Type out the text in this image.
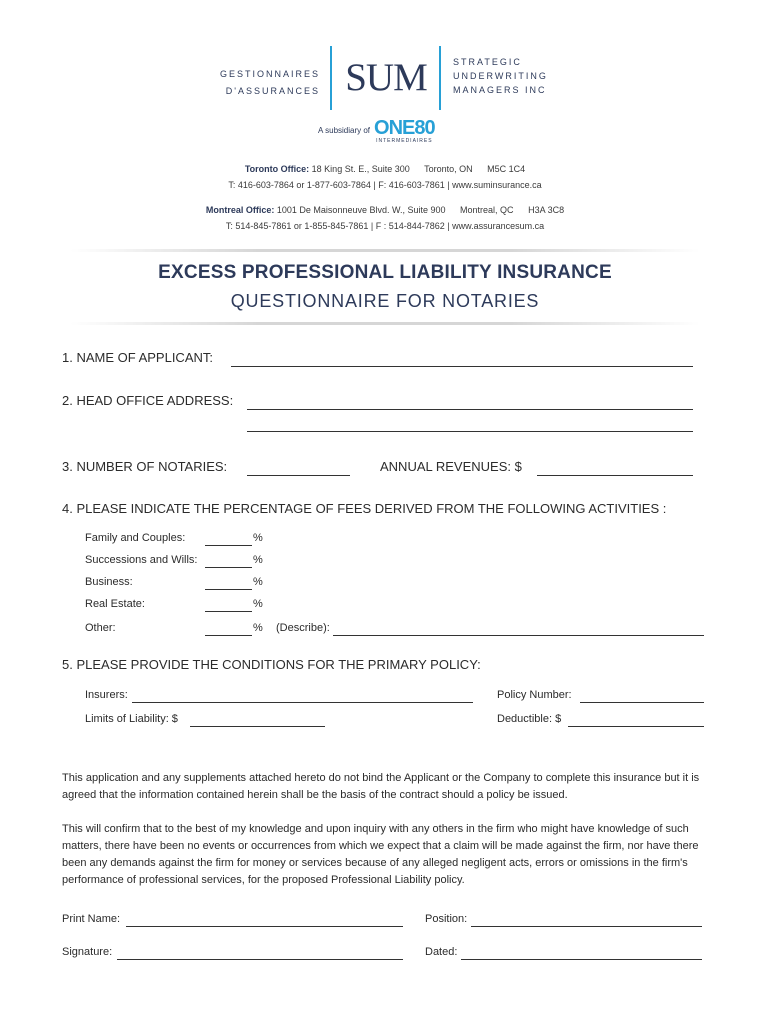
GESTIONNAIRES
D'ASSURANCES SUM	STRATEGIC
UNDERWRITING
MANAGERS INC
A subsidiary of ONE80
INTERMEDIAIRES
Toronto Office: 18 King St. E., Suite 300 Toronto, ON M5C 1C4
T: 416-603-7864 or 1-877-603-7864 | F: 416-603-7861 | www.suminsurance.ca
Montreal Office: 1001 De Maisonneuve Blvd. W., Suite 900 Montreal, QC H3A 3C8
T: 514-845-7861 or 1-855-845-7861 | F : 514-844-7862 | www.assurancesum.ca
EXCESS PROFESSIONAL LIABILITY INSURANCE
QUESTIONNAIRE FOR NOTARIES
1. NAME OF APPLICANT:
2. HEAD OFFICE ADDRESS:
3. NUMBER OF NOTARIES:	ANNUAL REVENUES: $
4. PLEASE INDICATE THE PERCENTAGE OF FEES DERIVED FROM THE FOLLOWING ACTIVITIES :
Family and Couples:	%
Successions and Wills:	%
Business:	%
Real Estate:	%
Other:	% (Describe):
5. PLEASE PROVIDE THE CONDITIONS FOR THE PRIMARY POLICY:
Insurers:	Policy Number:
Limits of Liability: $	Deductible: $
This application and any supplements attached hereto do not bind the Applicant or the Company to complete this insurance but it is agreed that the information contained herein shall be the basis of the contract should a policy be issued.
This will confirm that to the best of my knowledge and upon inquiry with any others in the firm who might have knowledge of such matters, there have been no events or occurrences from which we expect that a claim will be made against the firm, nor have there been any demands against the firm for money or services because of any alleged negligent acts, errors or omissions in the firm's performance of professional services, for the proposed Professional Liability policy.
Print Name:	Position:
Signature:	Dated:
